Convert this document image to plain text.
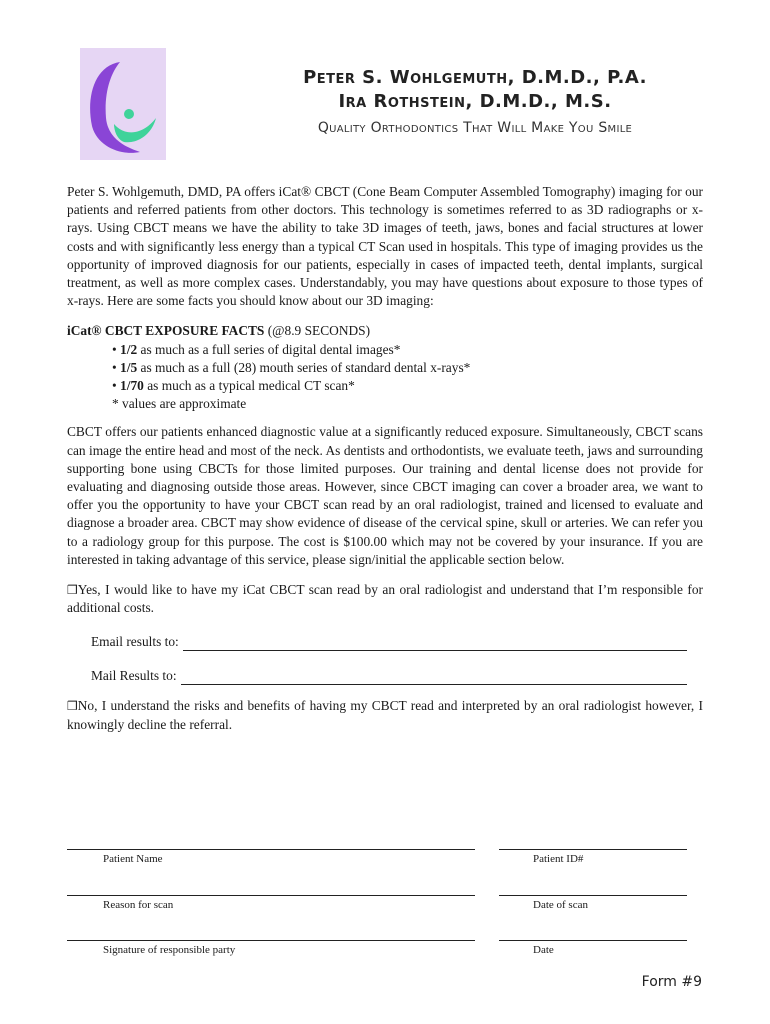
Peter S. Wohlgemuth, D.M.D., P.A.
Ira Rothstein, D.M.D., M.S.
Quality Orthodontics That Will Make You Smile

Peter S. Wohlgemuth, DMD, PA offers iCat® CBCT (Cone Beam Computer Assembled Tomography) imaging for our patients and referred patients from other doctors. This technology is sometimes referred to as 3D radiographs or x-rays. Using CBCT means we have the ability to take 3D images of teeth, jaws, bones and facial structures at lower costs and with significantly less energy than a typical CT Scan used in hospitals. This type of imaging provides us the opportunity of improved diagnosis for our patients, especially in cases of impacted teeth, dental implants, surgical treatment, as well as more complex cases. Understandably, you may have questions about exposure to those types of x-rays. Here are some facts you should know about our 3D imaging:

iCat® CBCT EXPOSURE FACTS (@8.9 SECONDS)
• 1/2 as much as a full series of digital dental images*
• 1/5 as much as a full (28) mouth series of standard dental x-rays*
• 1/70 as much as a typical medical CT scan*
* values are approximate

CBCT offers our patients enhanced diagnostic value at a significantly reduced exposure. Simultaneously, CBCT scans can image the entire head and most of the neck. As dentists and orthodontists, we evaluate teeth, jaws and surrounding supporting bone using CBCTs for those limited purposes. Our training and dental license does not provide for evaluating and diagnosing outside those areas. However, since CBCT imaging can cover a broader area, we want to offer you the opportunity to have your CBCT scan read by an oral radiologist, trained and licensed to evaluate and diagnose a broader area. CBCT may show evidence of disease of the cervical spine, skull or arteries. We can refer you to a radiology group for this purpose. The cost is $100.00 which may not be covered by your insurance. If you are interested in taking advantage of this service, please sign/initial the applicable section below.

❒Yes, I would like to have my iCat CBCT scan read by an oral radiologist and understand that I’m responsible for additional costs.

Email results to:
Mail Results to:

❒No, I understand the risks and benefits of having my CBCT read and interpreted by an oral radiologist however, I knowingly decline the referral.

Patient Name	Patient ID#
Reason for scan	Date of scan
Signature of responsible party	Date
Form #9
